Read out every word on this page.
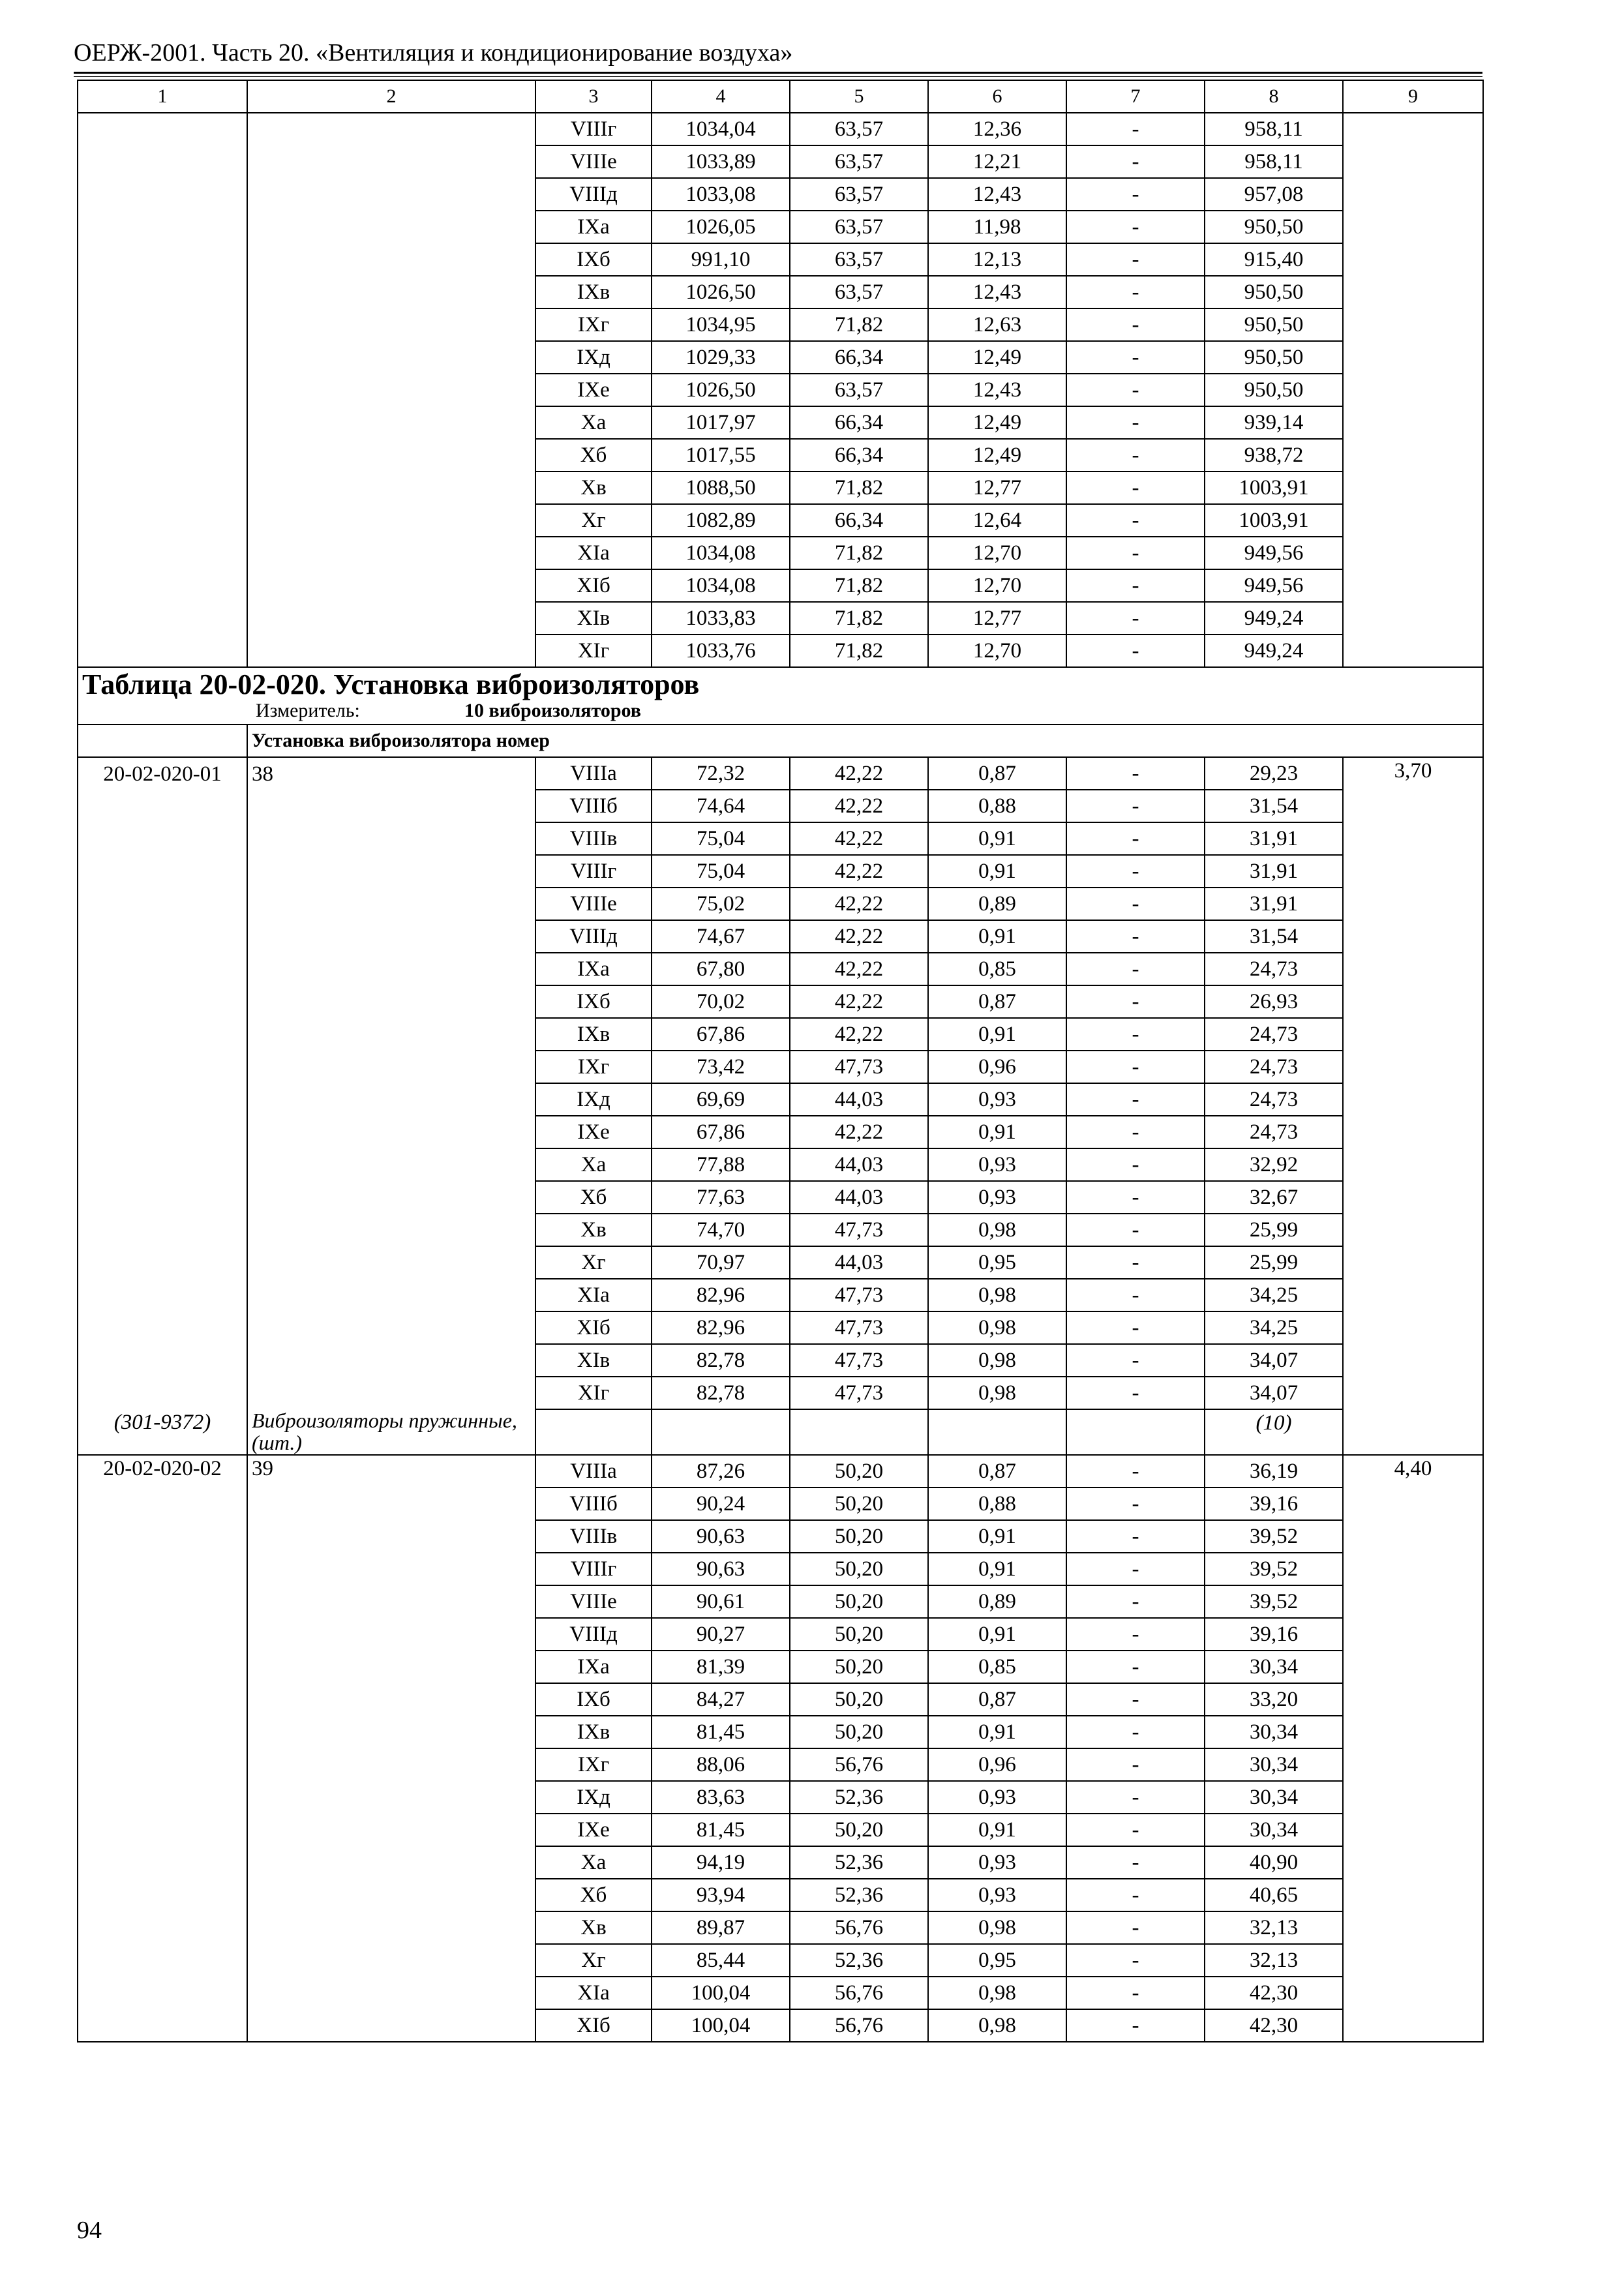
ОЕРЖ-2001. Часть 20. «Вентиляция и кондиционирование воздуха»
1	2	3	4	5	6	7	8	9
		VIIIг	1034,04	63,57	12,36	-	958,11	
		VIIIе	1033,89	63,57	12,21	-	958,11	
		VIIIд	1033,08	63,57	12,43	-	957,08	
		IXа	1026,05	63,57	11,98	-	950,50	
		IXб	991,10	63,57	12,13	-	915,40	
		IXв	1026,50	63,57	12,43	-	950,50	
		IXг	1034,95	71,82	12,63	-	950,50	
		IXд	1029,33	66,34	12,49	-	950,50	
		IXе	1026,50	63,57	12,43	-	950,50	
		Xа	1017,97	66,34	12,49	-	939,14	
		Xб	1017,55	66,34	12,49	-	938,72	
		Xв	1088,50	71,82	12,77	-	1003,91	
		Xг	1082,89	66,34	12,64	-	1003,91	
		XIа	1034,08	71,82	12,70	-	949,56	
		XIб	1034,08	71,82	12,70	-	949,56	
		XIв	1033,83	71,82	12,77	-	949,24	
		XIг	1033,76	71,82	12,70	-	949,24	

Таблица 20-02-020. Установка виброизоляторов
Измеритель: 10 виброизоляторов								

	Установка виброизолятора номер							
20-02-020-01	38	VIIIа	72,32	42,22	0,87	-	29,23	3,70
		VIIIб	74,64	42,22	0,88	-	31,54	
		VIIIв	75,04	42,22	0,91	-	31,91	
		VIIIг	75,04	42,22	0,91	-	31,91	
		VIIIе	75,02	42,22	0,89	-	31,91	
		VIIIд	74,67	42,22	0,91	-	31,54	
		IXа	67,80	42,22	0,85	-	24,73	
		IXб	70,02	42,22	0,87	-	26,93	
		IXв	67,86	42,22	0,91	-	24,73	
		IXг	73,42	47,73	0,96	-	24,73	
		IXд	69,69	44,03	0,93	-	24,73	
		IXе	67,86	42,22	0,91	-	24,73	
		Xа	77,88	44,03	0,93	-	32,92	
		Xб	77,63	44,03	0,93	-	32,67	
		Xв	74,70	47,73	0,98	-	25,99	
		Xг	70,97	44,03	0,95	-	25,99	
		XIа	82,96	47,73	0,98	-	34,25	
		XIб	82,96	47,73	0,98	-	34,25	
		XIв	82,78	47,73	0,98	-	34,07	
		XIг	82,78	47,73	0,98	-	34,07	
(301-9372)	Виброизоляторы пружинные, (шт.)						(10)	
20-02-020-02	39	VIIIа	87,26	50,20	0,87	-	36,19	4,40
		VIIIб	90,24	50,20	0,88	-	39,16	
		VIIIв	90,63	50,20	0,91	-	39,52	
		VIIIг	90,63	50,20	0,91	-	39,52	
		VIIIе	90,61	50,20	0,89	-	39,52	
		VIIIд	90,27	50,20	0,91	-	39,16	
		IXа	81,39	50,20	0,85	-	30,34	
		IXб	84,27	50,20	0,87	-	33,20	
		IXв	81,45	50,20	0,91	-	30,34	
		IXг	88,06	56,76	0,96	-	30,34	
		IXд	83,63	52,36	0,93	-	30,34	
		IXе	81,45	50,20	0,91	-	30,34	
		Xа	94,19	52,36	0,93	-	40,90	
		Xб	93,94	52,36	0,93	-	40,65	
		Xв	89,87	56,76	0,98	-	32,13	
		Xг	85,44	52,36	0,95	-	32,13	
		XIа	100,04	56,76	0,98	-	42,30	
		XIб	100,04	56,76	0,98	-	42,30	
94
